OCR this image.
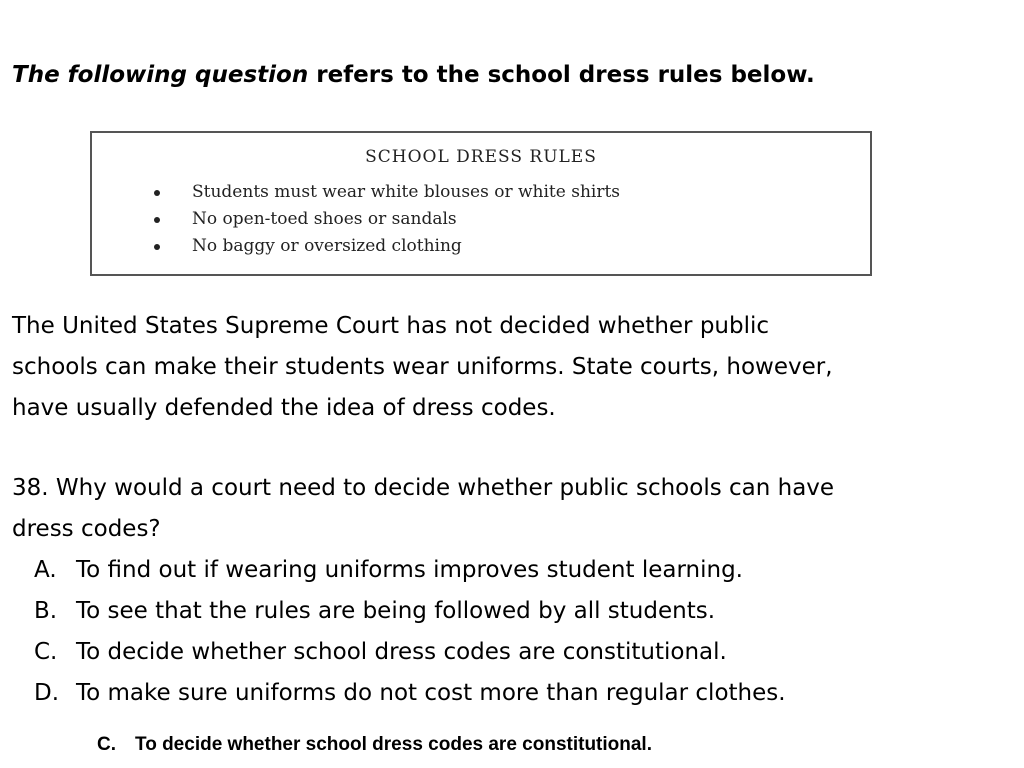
The following question refers to the school dress rules below.

SCHOOL DRESS RULES

Students must wear white blouses or white shirts
No open-toed shoes or sandals
No baggy or oversized clothing

The United States Supreme Court has not decided whether public
schools can make their students wear uniforms. State courts, however,
have usually defended the idea of dress codes.

38. Why would a court need to decide whether public schools can have
dress codes?

A. To find out if wearing uniforms improves student learning.
B. To see that the rules are being followed by all students.
C. To decide whether school dress codes are constitutional.
D. To make sure uniforms do not cost more than regular clothes.

C. To decide whether school dress codes are constitutional.
